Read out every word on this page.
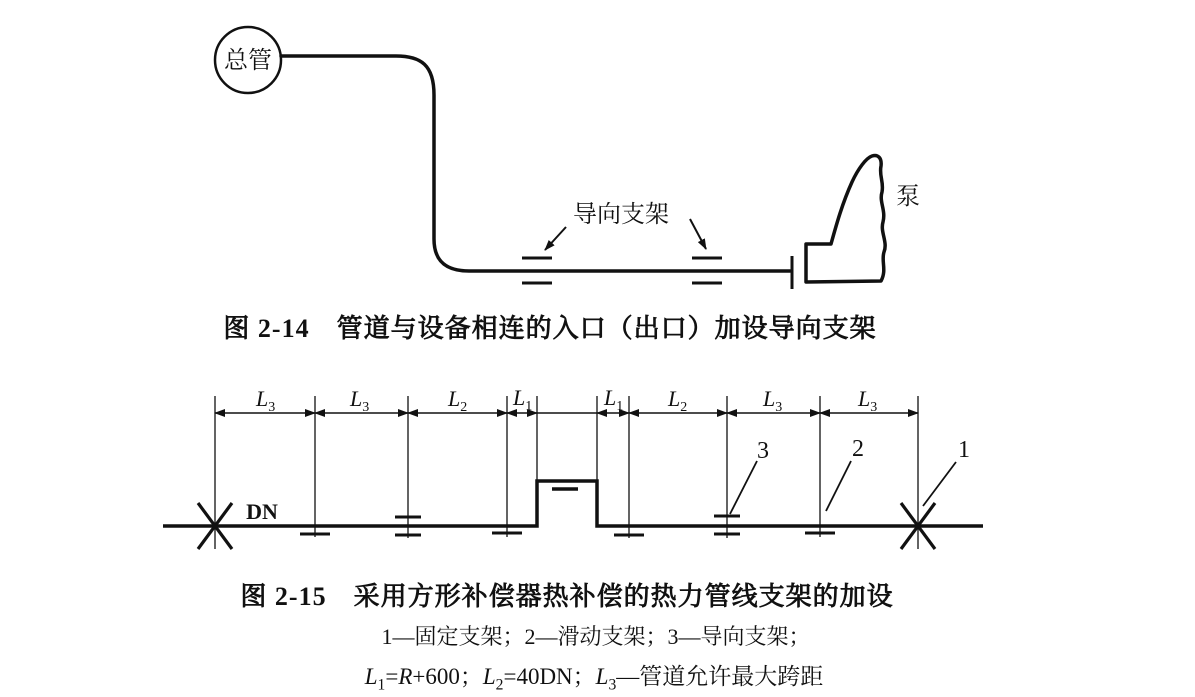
总管
导向支架
泵
L3	L3	L2 L1	L1 L2	L3	L3
DN
3	2	1
图 2-14　管道与设备相连的入口（出口）加设导向支架
图 2-15　采用方形补偿器热补偿的热力管线支架的加设
1—固定支架；2—滑动支架；3—导向支架；
$L_1=R+600$；$L_2=40DN$；$L_3—$管道允许最大跨距
